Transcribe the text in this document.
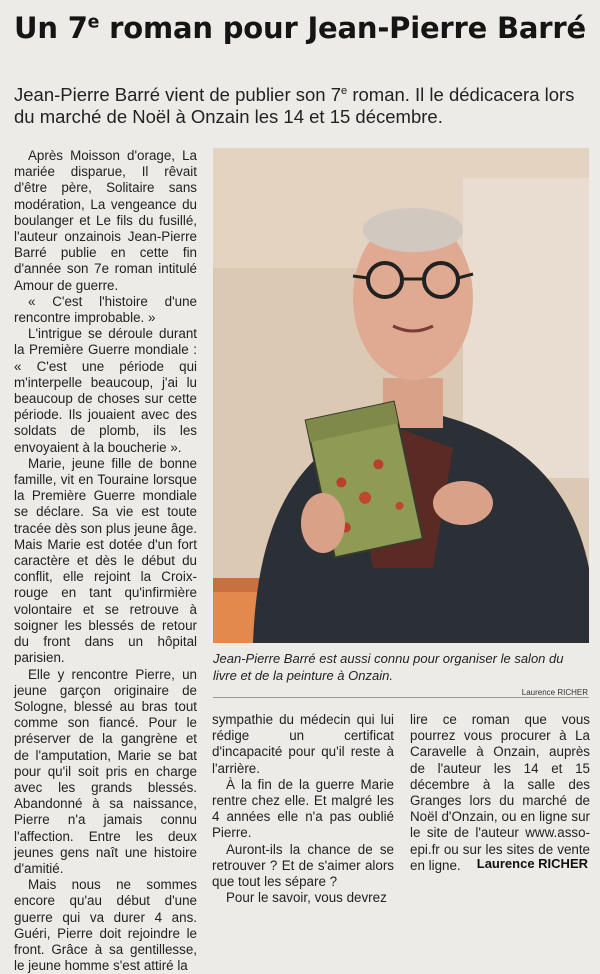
Un 7e roman pour Jean-Pierre Barré
Jean-Pierre Barré vient de publier son 7e roman. Il le dédicacera lors du marché de Noël à Onzain les 14 et 15 décembre.

Après Moisson d'orage, La mariée disparue, Il rêvait d'être père, Solitaire sans modération, La vengeance du boulanger et Le fils du fusillé, l'auteur onzainois Jean-Pierre Barré publie en cette fin d'année son 7e roman intitulé Amour de guerre.

« C'est l'histoire d'une rencontre improbable. »

L'intrigue se déroule durant la Première Guerre mondiale : « C'est une période qui m'interpelle beaucoup, j'ai lu beaucoup de choses sur cette période. Ils jouaient avec des soldats de plomb, ils les envoyaient à la boucherie ».

Marie, jeune fille de bonne famille, vit en Touraine lorsque la Première Guerre mondiale se déclare. Sa vie est toute tracée dès son plus jeune âge. Mais Marie est dotée d'un fort caractère et dès le début du conflit, elle rejoint la Croix-rouge en tant qu'infirmière volontaire et se retrouve à soigner les blessés de retour du front dans un hôpital parisien.

Elle y rencontre Pierre, un jeune garçon originaire de Sologne, blessé au bras tout comme son fiancé. Pour le préserver de la gangrène et de l'amputation, Marie se bat pour qu'il soit pris en charge avec les grands blessés. Abandonné à sa naissance, Pierre n'a jamais connu l'affection. Entre les deux jeunes gens naît une histoire d'amitié.

Mais nous ne sommes encore qu'au début d'une guerre qui va durer 4 ans. Guéri, Pierre doit rejoindre le front. Grâce à sa gentillesse, le jeune homme s'est attiré la

Jean-Pierre Barré est aussi connu pour organiser le salon du livre et de la peinture à Onzain.
Laurence RICHER

sympathie du médecin qui lui rédige un certificat d'incapacité pour qu'il reste à l'arrière.

À la fin de la guerre Marie rentre chez elle. Et malgré les 4 années elle n'a pas oublié Pierre.

Auront-ils la chance de se retrouver ? Et de s'aimer alors que tout les sépare ?

Pour le savoir, vous devrez

lire ce roman que vous pourrez vous procurer à La Caravelle à Onzain, auprès de l'auteur les 14 et 15 décembre à la salle des Granges lors du marché de Noël d'Onzain, ou en ligne sur le site de l'auteur www.asso-epi.fr ou sur les sites de vente en ligne.	Laurence RICHER
